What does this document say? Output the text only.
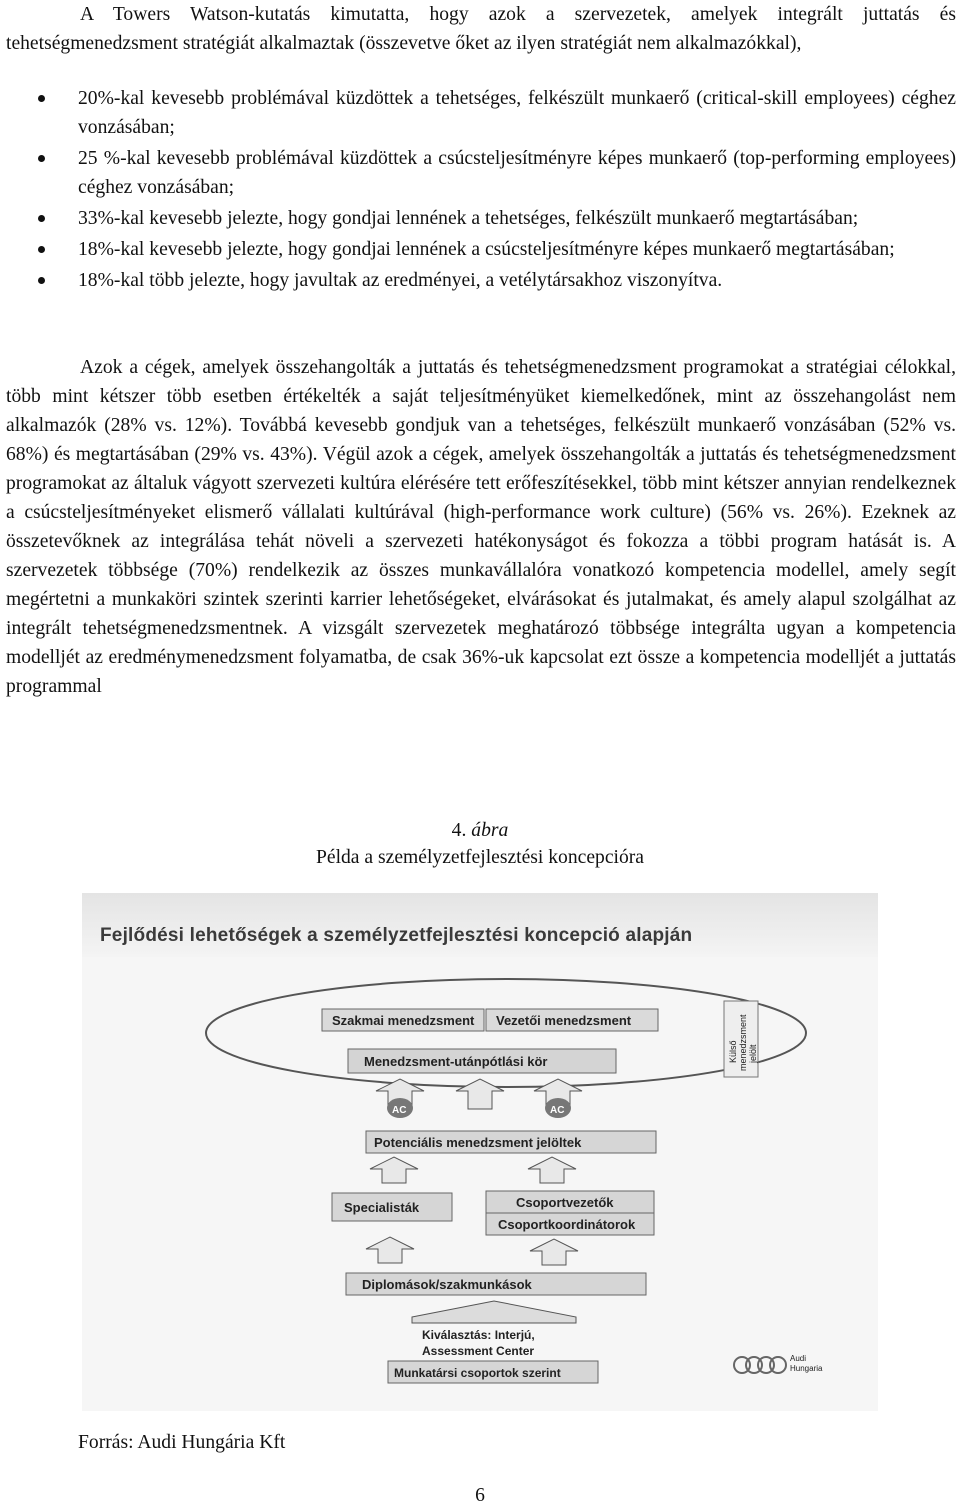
A Towers Watson-kutatás kimutatta, hogy azok a szervezetek, amelyek integrált juttatás és tehetségmenedzsment stratégiát alkalmaztak (összevetve őket az ilyen stratégiát nem alkalmazókkal),

20%-kal kevesebb problémával küzdöttek a tehetséges, felkészült munkaerő (critical-skill employees) céghez vonzásában;
25 %-kal kevesebb problémával küzdöttek a csúcsteljesítményre képes munkaerő (top-performing employees) céghez vonzásában;
33%-kal kevesebb jelezte, hogy gondjai lennének a tehetséges, felkészült munkaerő megtartásában;
18%-kal kevesebb jelezte, hogy gondjai lennének a csúcsteljesítményre képes munkaerő megtartásában;
18%-kal több jelezte, hogy javultak az eredményei, a vetélytársakhoz viszonyítva.

Azok a cégek, amelyek összehangolták a juttatás és tehetségmenedzsment programokat a stratégiai célokkal, több mint kétszer több esetben értékelték a saját teljesítményüket kiemelkedőnek, mint az összehangolást nem alkalmazók (28% vs. 12%). Továbbá kevesebb gondjuk van a tehetséges, felkészült munkaerő vonzásában (52% vs. 68%) és megtartásában (29% vs. 43%). Végül azok a cégek, amelyek összehangolták a juttatás és tehetségmenedzsment programokat az általuk vágyott szervezeti kultúra elérésére tett erőfeszítésekkel, több mint kétszer annyian rendelkeznek a csúcsteljesítményeket elismerő vállalati kultúrával (high-performance work culture) (56% vs. 26%). Ezeknek az összetevőknek az integrálása tehát növeli a szervezeti hatékonyságot és fokozza a többi program hatását is. A szervezetek többsége (70%) rendelkezik az összes munkavállalóra vonatkozó kompetencia modellel, amely segít megértetni a munkaköri szintek szerinti karrier lehetőségeket, elvárásokat és jutalmakat, és amely alapul szolgálhat az integrált tehetségmenedzsmentnek. A vizsgált szervezetek meghatározó többsége integrálta ugyan a kompetencia modelljét az eredménymenedzsment folyamatba, de csak 36%-uk kapcsolat ezt össze a kompetencia modelljét a juttatás programmal

4. ábra
Példa a személyzetfejlesztési koncepcióra
Fejlődési lehetőségek a személyzetfejlesztési koncepció alapján
Szakmai menedzsment Vezetői menedzsment
Külső menedzsment jelölt
Menedzsment-utánpótlási kör
AC	AC
Potenciális menedzsment jelöltek
Specialisták	Csoportvezetők
Csoportkoordinátorok
Diplomások/szakmunkások
Kiválasztás: Interjú,
Assessment Center
Munkatársi csoportok szerint
Audi
Hungaria
Forrás: Audi Hungária Kft
6
